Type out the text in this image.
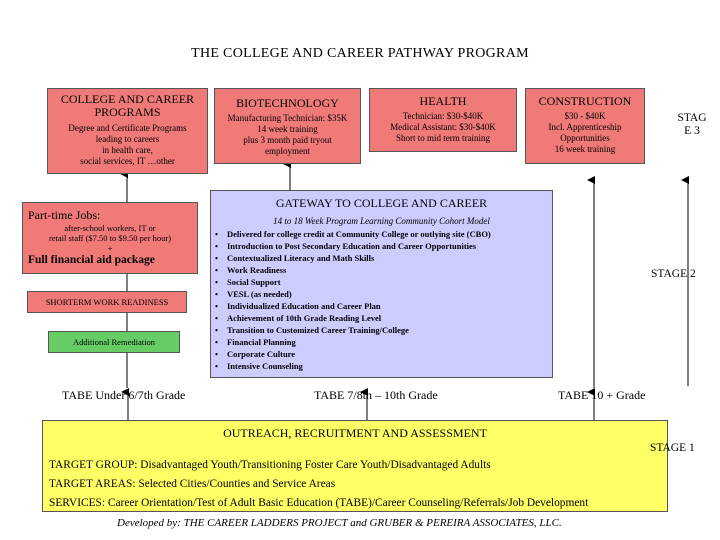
THE COLLEGE AND CAREER PATHWAY PROGRAM
COLLEGE AND CAREER PROGRAMS
Degree and Certificate Programs
leading to careers
in health care,
social services, IT …other
BIOTECHNOLOGY
Manufacturing Technician: $35K
14 week training
plus 3 month paid tryout
employment
HEALTH
Technician: $30-$40K
Medical Assistant: $30-$40K
Short to mid term training
CONSTRUCTION
$30 - $40K
Incl. Apprenticeship
Opportunities
16 week training
STAG
E 3
Part-time Jobs:
after-school workers, IT or
retail staff ($7.50 to $9.50 per hour)
+
Full financial aid package
SHORTERM WORK READINESS
Additional Remediation
GATEWAY TO COLLEGE AND CAREER
14 to 18 Week Program Learning Community Cohort Model
• Delivered for college credit at Community College or outlying site (CBO)
• Introduction to Post Secondary Education and Career Opportunities
• Contextualized Literacy and Math Skills
• Work Readiness
• Social Support
• VESL (as needed)
• Individualized Education and Career Plan
• Achievement of 10th Grade Reading Level
• Transition to Customized Career Training/College
• Financial Planning
• Corporate Culture
• Intensive Counseling
STAGE 2
TABE Under 6/7th Grade	TABE 7/8th – 10th Grade	TABE 10 + Grade
OUTREACH, RECRUITMENT AND ASSESSMENT
TARGET GROUP: Disadvantaged Youth/Transitioning Foster Care Youth/Disadvantaged Adults
TARGET AREAS: Selected Cities/Counties and Service Areas
SERVICES: Career Orientation/Test of Adult Basic Education (TABE)/Career Counseling/Referrals/Job Development
STAGE 1
Developed by: THE CAREER LADDERS PROJECT and GRUBER & PEREIRA ASSOCIATES, LLC.
